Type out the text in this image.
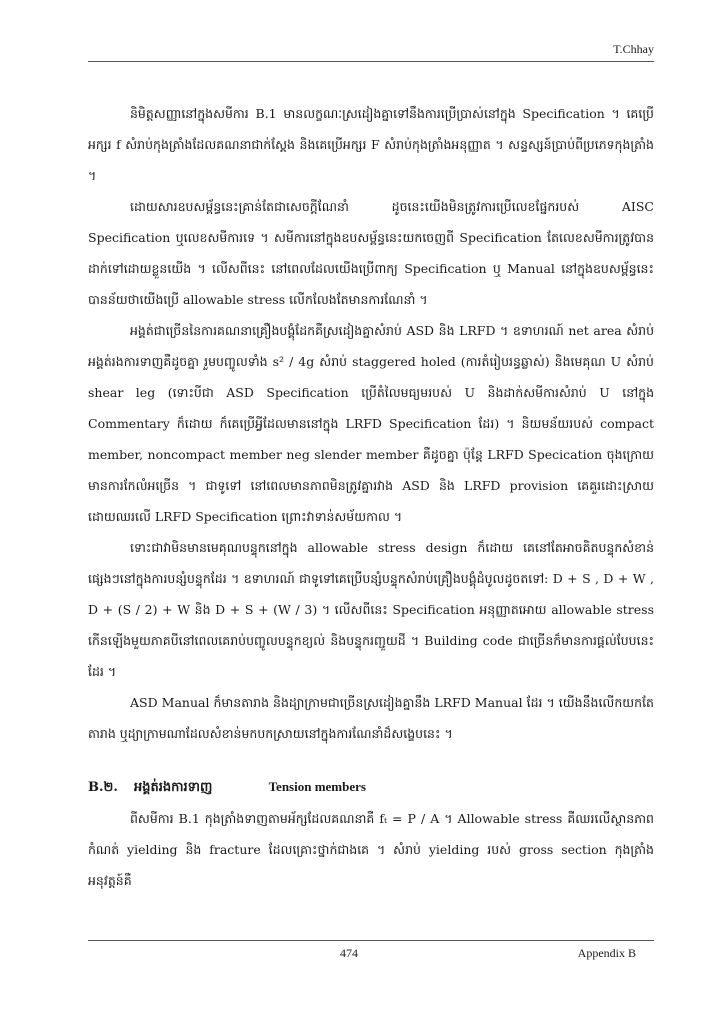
T.Chhay

និមិត្តសញ្ញានៅក្នុងសមីការ B.1 មានលក្ខណៈស្រដៀងគ្នាទៅនឹងការប្រើប្រាស់នៅក្នុង Specification ។ គេប្រើអក្សរ f សំរាប់កុងត្រាំងដែលគណនាជាក់ស្តែង និងគេប្រើអក្សរ F សំរាប់កុងត្រាំងអនុញ្ញាត ។ សន្ទស្សន៍ប្រាប់ពីប្រភេទកុងត្រាំង ។

ដោយសារឧបសម្ព័ន្ធនេះគ្រាន់តែជាសេចក្តីណែនាំ ដូចនេះយើងមិនត្រូវការប្រើលេខផ្នែករបស់ AISC Specification ឬលេខសមីការទេ ។ សមីការនៅក្នុងឧបសម្ព័ន្ធនេះយកចេញពី Specification តែលេខសមីការត្រូវបានដាក់ទៅដោយខ្លួនយើង ។ លើសពីនេះ នៅពេលដែលយើងប្រើពាក្យ Specification ឬ Manual នៅក្នុងឧបសម្ព័ន្ធនេះ បានន័យថាយើងប្រើ allowable stress លើកលែងតែមានការណែនាំ ។

អង្គត់ជាច្រើននៃការគណនាគ្រឿងបង្គុំដែកគឺស្រដៀងគ្នាសំរាប់ ASD និង LRFD ។ ឧទាហរណ៍ net area សំរាប់អង្គត់រងការទាញគឺដូចគ្នា រួមបញ្ចូលទាំង s² / 4g សំរាប់ staggered holed (ការតំរៀបរន្ធឆ្លាស់) និងមេគុណ U សំរាប់ shear leg (ទោះបីជា ASD Specification ប្រើតំលៃមធ្យមរបស់ U និងដាក់សមីការសំរាប់ U នៅក្នុង Commentary ក៏ដោយ ក៏គេប្រើអ្វីដែលមាននៅក្នុង LRFD Specification ដែរ) ។ និយមន័យរបស់ compact member, noncompact member neg slender member គឺដូចគ្នា ប៉ុន្តែ LRFD Specication ចុងក្រោយមានការកែលំអច្រើន ។ ជាទូទៅ នៅពេលមានភាពមិនត្រូវគ្នារវាង ASD និង LRFD provision គេគួរដោះស្រាយដោយឈរលើ LRFD Specification ព្រោះវាទាន់សម័យកាល ។

ទោះជាវាមិនមានមេគុណបន្ទុកនៅក្នុង allowable stress design ក៏ដោយ គេនៅតែអាចគិតបន្ទុកសំខាន់ផ្សេងៗនៅក្នុងការបន្សំបន្ទុកដែរ ។ ឧទាហរណ៍ ជាទូទៅគេប្រើបន្សំបន្ទុកសំរាប់គ្រឿងបង្គុំដំបូលដូចតទៅ: D + S , D + W , D + (S / 2) + W និង D + S + (W / 3) ។ លើសពីនេះ Specification អនុញ្ញាតអោយ allowable stress កើនឡើងមួយភាគបីនៅពេលគេរាប់បញ្ចូលបន្ទុកខ្យល់ និងបន្ទុករញ្ជួយដី ។ Building code ជាច្រើនក៏មានការផ្តល់បែបនេះដែរ ។

ASD Manual ក៏មានតារាង និងដ្យាក្រាមជាច្រើនស្រដៀងគ្នានឹង LRFD Manual ដែរ ។ យើងនឹងលើកយកតែតារាង ឬដ្យាក្រាមណាដែលសំខាន់មកបកស្រាយនៅក្នុងការណែនាំដ៏សង្ខេបនេះ ។

B.២. អង្គត់រងការទាញ	Tension members

ពីសមីការ B.1 កុងត្រាំងទាញតាមអ័ក្សដែលគណនាគឺ fₜ = P / A ។ Allowable stress គឺឈរលើស្ថានភាពកំណត់ yielding និង fracture ដែលគ្រោះថ្នាក់ជាងគេ ។ សំរាប់ yielding របស់ gross section កុងត្រាំងអនុវត្តន៍គឺ

474	Appendix B
